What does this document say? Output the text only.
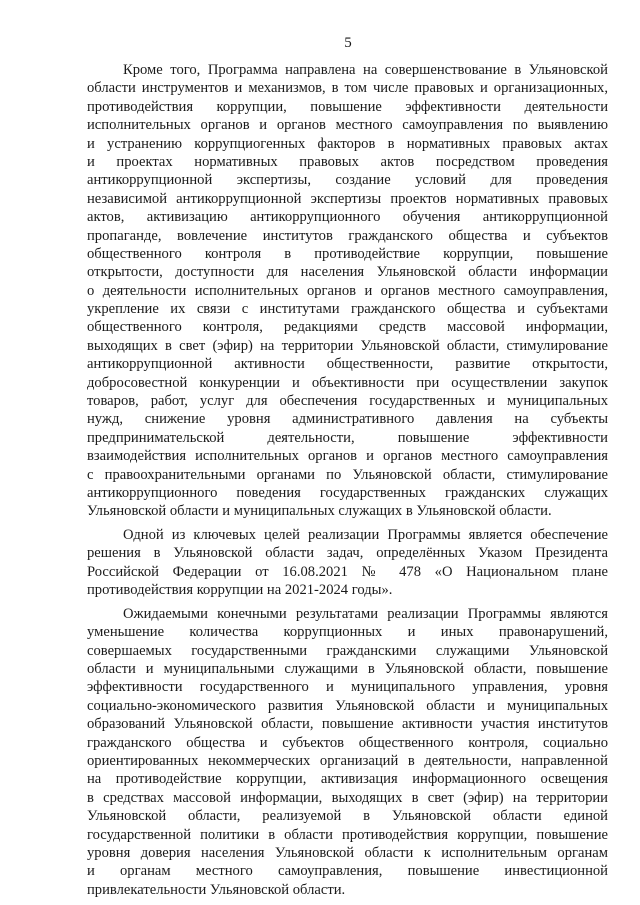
5

Кроме того, Программа направлена на совершенствование в Ульяновской
области инструментов и механизмов, в том числе правовых и организационных,
противодействия коррупции, повышение эффективности деятельности
исполнительных органов и органов местного самоуправления по выявлению
и устранению коррупциогенных факторов в нормативных правовых актах
и проектах нормативных правовых актов посредством проведения
антикоррупционной экспертизы, создание условий для проведения
независимой антикоррупционной экспертизы проектов нормативных правовых
актов, активизацию антикоррупционного обучения антикоррупционной
пропаганде, вовлечение институтов гражданского общества и субъектов
общественного контроля в противодействие коррупции, повышение
открытости, доступности для населения Ульяновской области информации
о деятельности исполнительных органов и органов местного самоуправления,
укрепление их связи с институтами гражданского общества и субъектами
общественного контроля, редакциями средств массовой информации,
выходящих в свет (эфир) на территории Ульяновской области, стимулирование
антикоррупционной активности общественности, развитие открытости,
добросовестной конкуренции и объективности при осуществлении закупок
товаров, работ, услуг для обеспечения государственных и муниципальных
нужд, снижение уровня административного давления на субъекты
предпринимательской деятельности, повышение эффективности
взаимодействия исполнительных органов и органов местного самоуправления
с правоохранительными органами по Ульяновской области, стимулирование
антикоррупционного поведения государственных гражданских служащих
Ульяновской области и муниципальных служащих в Ульяновской области.

Одной из ключевых целей реализации Программы является обеспечение
решения в Ульяновской области задач, определённых Указом Президента
Российской Федерации от 16.08.2021 № 478 «О Национальном плане
противодействия коррупции на 2021-2024 годы».

Ожидаемыми конечными результатами реализации Программы являются
уменьшение количества коррупционных и иных правонарушений,
совершаемых государственными гражданскими служащими Ульяновской
области и муниципальными служащими в Ульяновской области, повышение
эффективности государственного и муниципального управления, уровня
социально-экономического развития Ульяновской области и муниципальных
образований Ульяновской области, повышение активности участия институтов
гражданского общества и субъектов общественного контроля, социально
ориентированных некоммерческих организаций в деятельности, направленной
на противодействие коррупции, активизация информационного освещения
в средствах массовой информации, выходящих в свет (эфир) на территории
Ульяновской области, реализуемой в Ульяновской области единой
государственной политики в области противодействия коррупции, повышение
уровня доверия населения Ульяновской области к исполнительным органам
и органам местного самоуправления, повышение инвестиционной
привлекательности Ульяновской области.
